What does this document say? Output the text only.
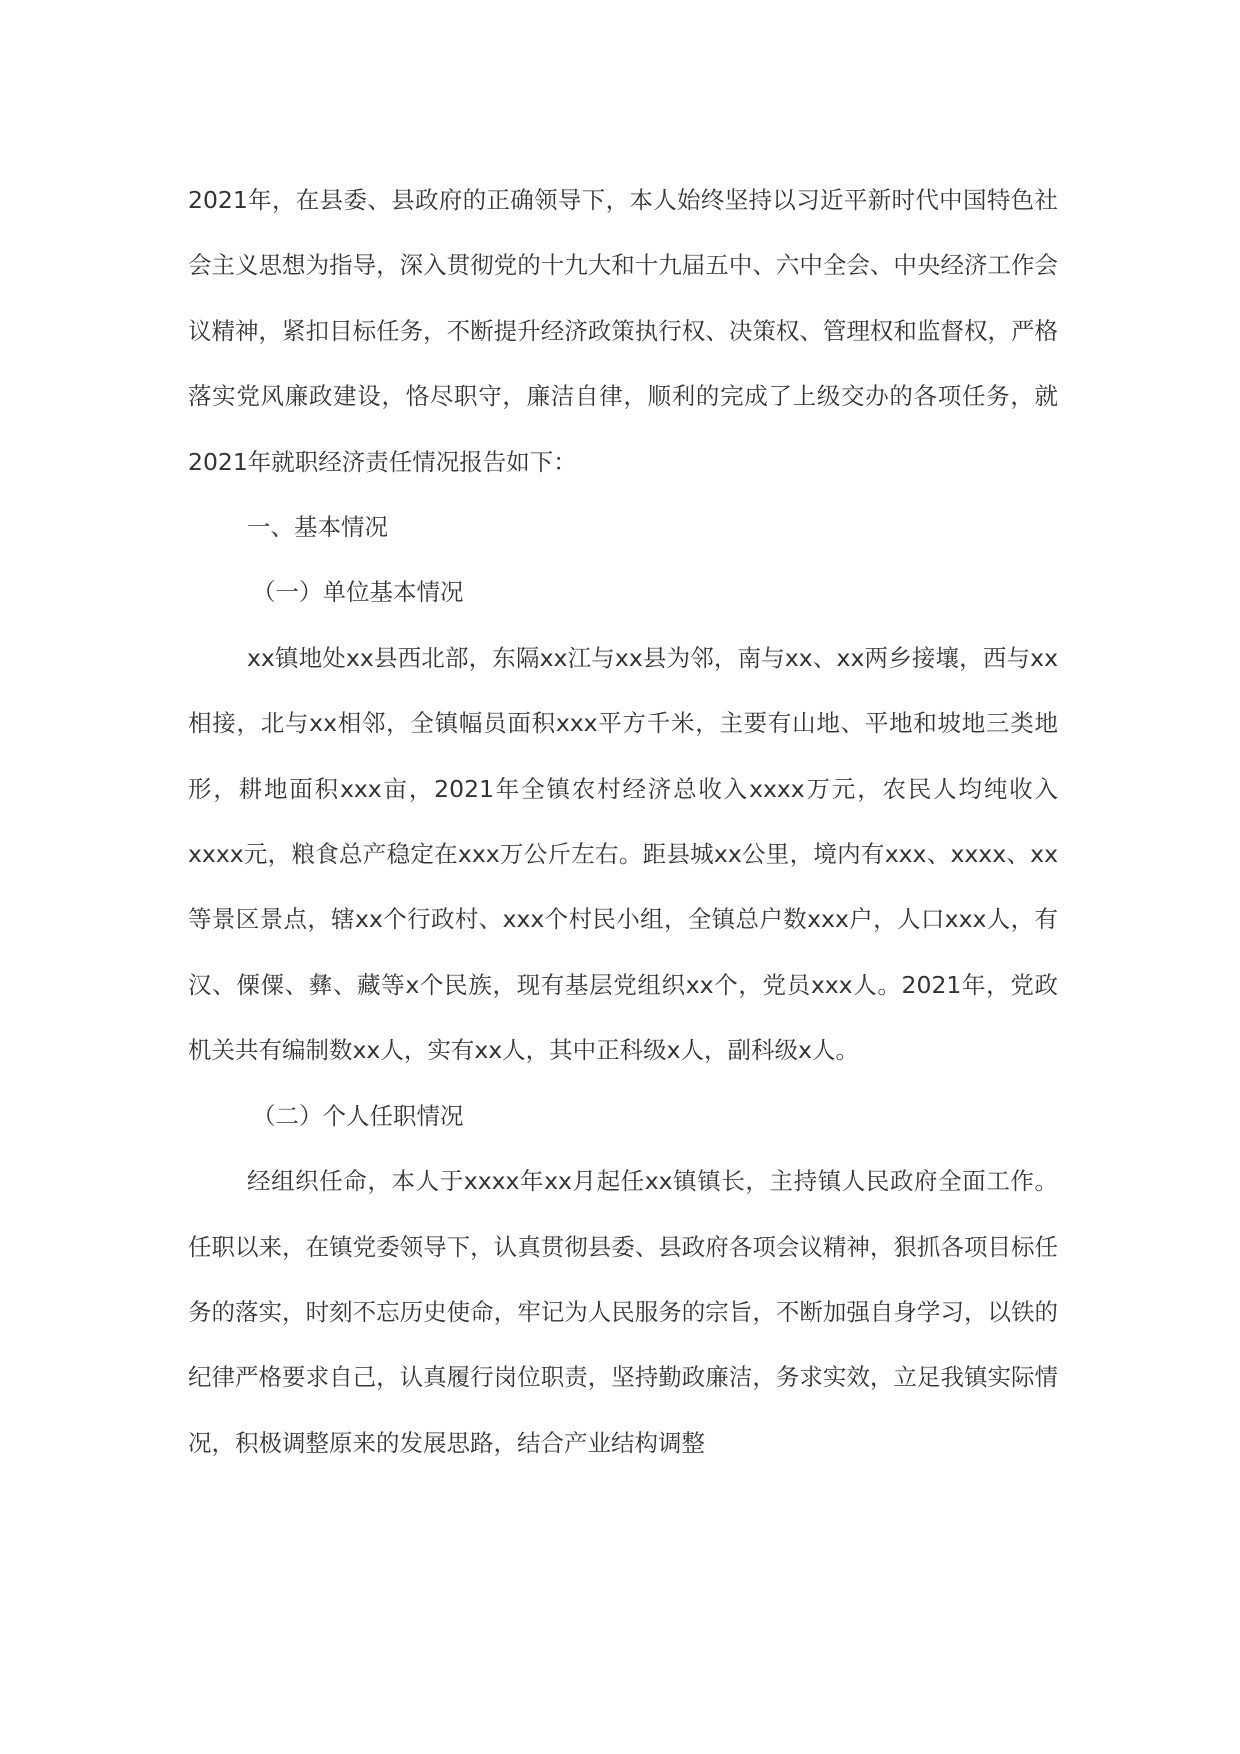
2021年，在县委、县政府的正确领导下，本人始终坚持以习近平新时代中国特色社会主义思想为指导，深入贯彻党的十九大和十九届五中、六中全会、中央经济工作会议精神，紧扣目标任务，不断提升经济政策执行权、决策权、管理权和监督权，严格落实党风廉政建设，恪尽职守，廉洁自律，顺利的完成了上级交办的各项任务，就2021年就职经济责任情况报告如下：

一、基本情况

（一）单位基本情况

xx镇地处xx县西北部，东隔xx江与xx县为邻，南与xx、xx两乡接壤，西与xx相接，北与xx相邻，全镇幅员面积xxx平方千米，主要有山地、平地和坡地三类地形，耕地面积xxx亩，2021年全镇农村经济总收入xxxx万元，农民人均纯收入xxxx元，粮食总产稳定在xxx万公斤左右。距县城xx公里，境内有xxx、xxxx、xx等景区景点，辖xx个行政村、xxx个村民小组，全镇总户数xxx户，人口xxx人，有汉、傈僳、彝、藏等x个民族，现有基层党组织xx个，党员xxx人。2021年，党政机关共有编制数xx人，实有xx人，其中正科级x人，副科级x人。

（二）个人任职情况

经组织任命，本人于xxxx年xx月起任xx镇镇长，主持镇人民政府全面工作。任职以来，在镇党委领导下，认真贯彻县委、县政府各项会议精神，狠抓各项目标任务的落实，时刻不忘历史使命，牢记为人民服务的宗旨，不断加强自身学习，以铁的纪律严格要求自己，认真履行岗位职责，坚持勤政廉洁，务求实效，立足我镇实际情况，积极调整原来的发展思路，结合产业结构调整
